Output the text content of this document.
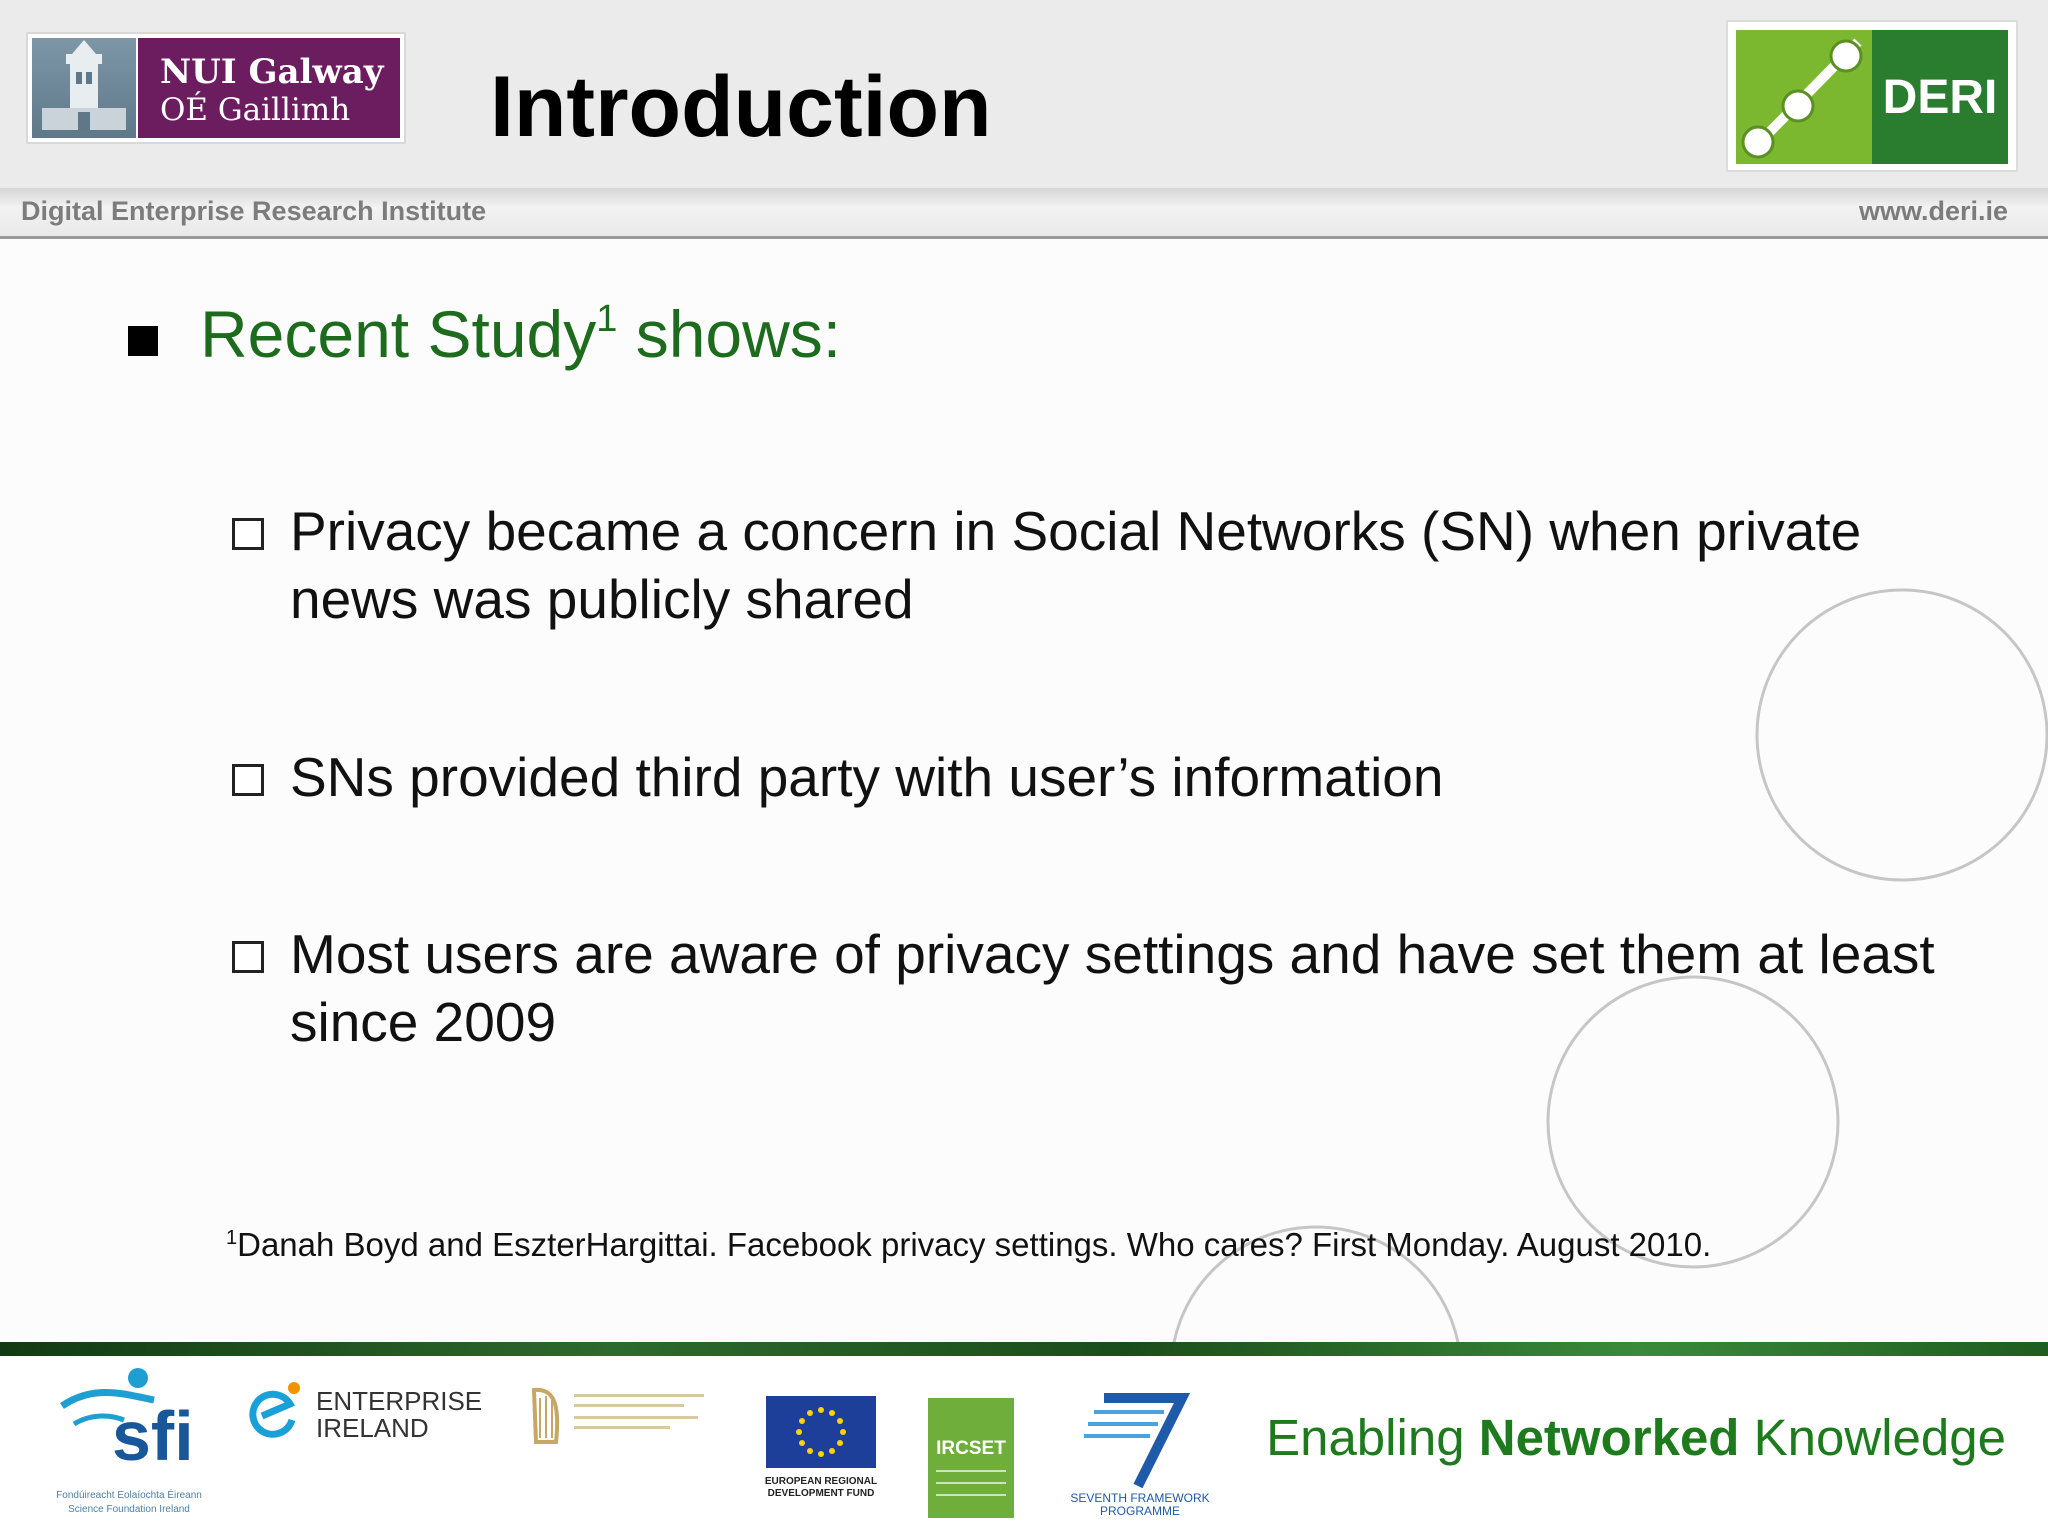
NUI Galway
OÉ Gaillimh Introduction	DERI
Digital Enterprise Research Institute	www.deri.ie
Recent Study$^1$ shows:
Privacy became a concern in Social Networks (SN) when private news was publicly shared
SNs provided third party with user’s information
Most users are aware of privacy settings and have set them at least since 2009
$^1$Danah Boyd and EszterHargittai. Facebook privacy settings. Who cares? First Monday. August 2010.
sfi
Fondúireacht Eolaíochta Éireann
Science Foundation Ireland
ENTERPRISE
IRELAND
EUROPEAN REGIONAL
DEVELOPMENT FUND
IRCSET
SEVENTH FRAMEWORK
PROGRAMME
Enabling Networked Knowledge
